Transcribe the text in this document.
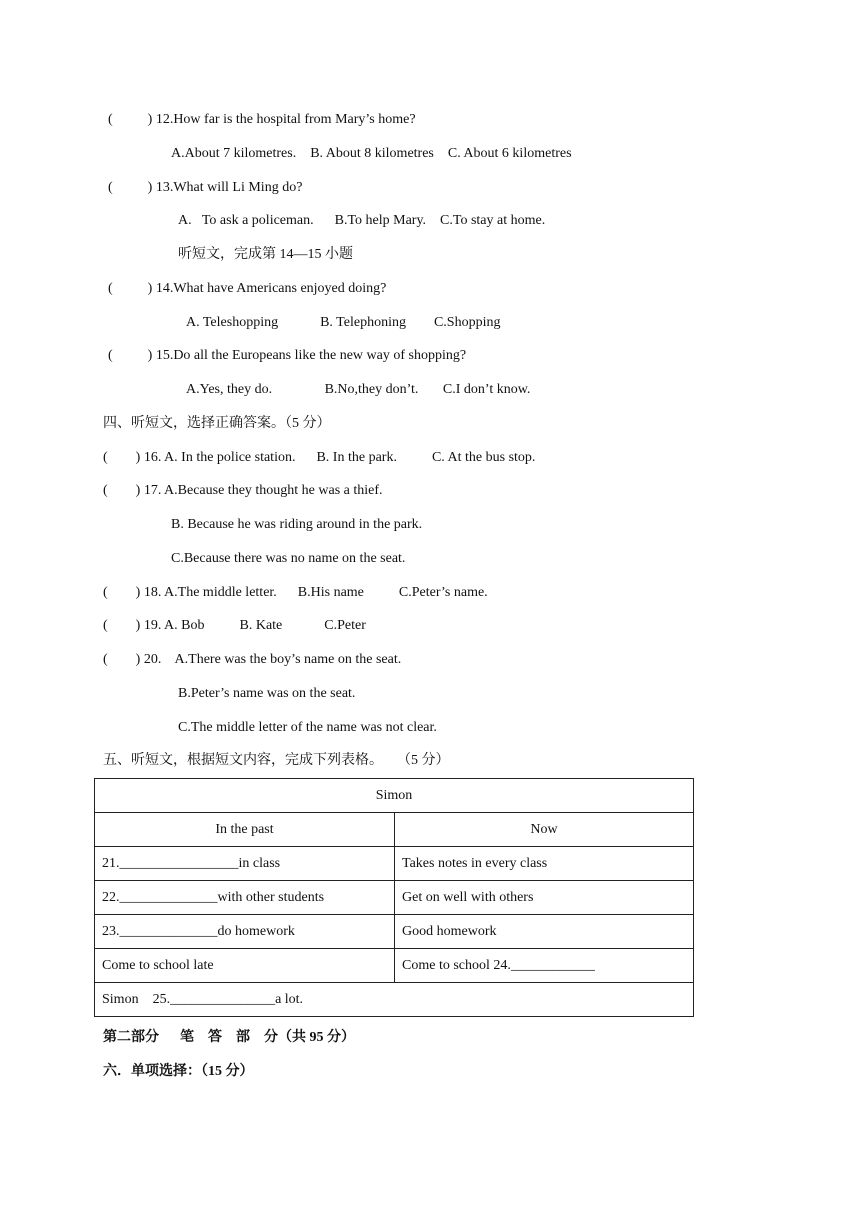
(          ) 12.How far is the hospital from Mary’s home?
A.About 7 kilometres.    B. About 8 kilometres    C. About 6 kilometres
(          ) 13.What will Li Ming do?
A.   To ask a policeman.      B.To help Mary.    C.To stay at home.
听短文，完成第 14—15 小题
(          ) 14.What have Americans enjoyed doing?
A. Teleshopping            B. Telephoning        C.Shopping
(          ) 15.Do all the Europeans like the new way of shopping?
A.Yes, they do.               B.No,they don’t.       C.I don’t know.
四、听短文，选择正确答案。（5 分）
(        ) 16. A. In the police station.      B. In the park.          C. At the bus stop.
(        ) 17. A.Because they thought he was a thief.
B. Because he was riding around in the park.
C.Because there was no name on the seat.
(        ) 18. A.The middle letter.      B.His name          C.Peter’s name.
(        ) 19. A. Bob          B. Kate            C.Peter
(        ) 20.    A.There was the boy’s name on the seat.
B.Peter’s name was on the seat.
C.The middle letter of the name was not clear.
五、听短文，根据短文内容，完成下列表格。    （5 分）
Simon	
In the past	Now
21._________________in class	Takes notes in every class
22.______________with other students	Get on well with others
23.______________do homework	Good homework
Come to school late	Come to school 24.____________
Simon    25._______________a lot.	
第二部分      笔    答    部    分（共 95 分）
六．单项选择：（15 分）
